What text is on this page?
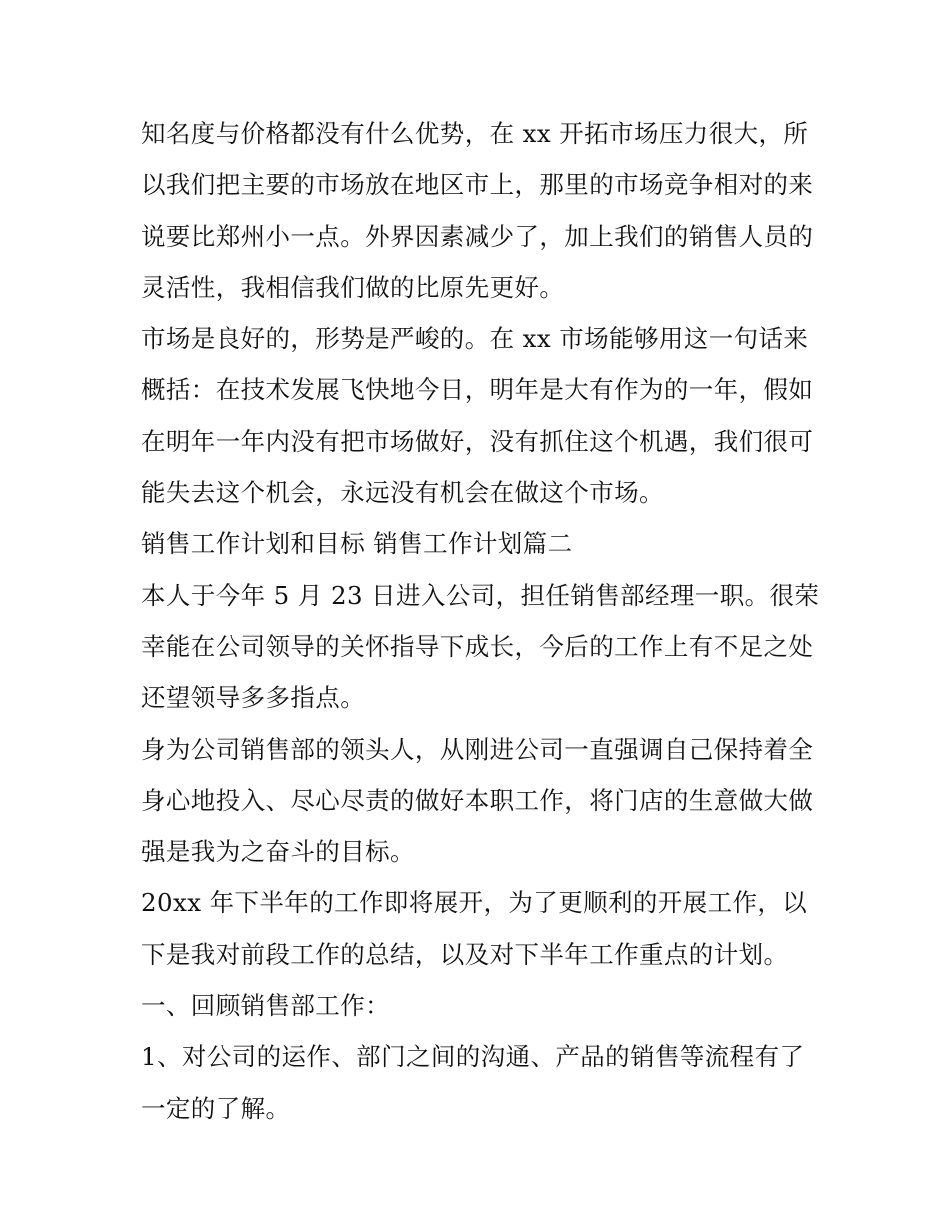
知名度与价格都没有什么优势，在 xx 开拓市场压力很大，所
以我们把主要的市场放在地区市上，那里的市场竞争相对的来
说要比郑州小一点。外界因素减少了，加上我们的销售人员的
灵活性，我相信我们做的比原先更好。
市场是良好的，形势是严峻的。在 xx 市场能够用这一句话来
概括：在技术发展飞快地今日，明年是大有作为的一年，假如
在明年一年内没有把市场做好，没有抓住这个机遇，我们很可
能失去这个机会，永远没有机会在做这个市场。
销售工作计划和目标 销售工作计划篇二
本人于今年 5 月 23 日进入公司，担任销售部经理一职。很荣
幸能在公司领导的关怀指导下成长，今后的工作上有不足之处
还望领导多多指点。
身为公司销售部的领头人，从刚进公司一直强调自己保持着全
身心地投入、尽心尽责的做好本职工作，将门店的生意做大做
强是我为之奋斗的目标。
20xx 年下半年的工作即将展开，为了更顺利的开展工作，以
下是我对前段工作的总结，以及对下半年工作重点的计划。
一、回顾销售部工作：
1、对公司的运作、部门之间的沟通、产品的销售等流程有了
一定的了解。
